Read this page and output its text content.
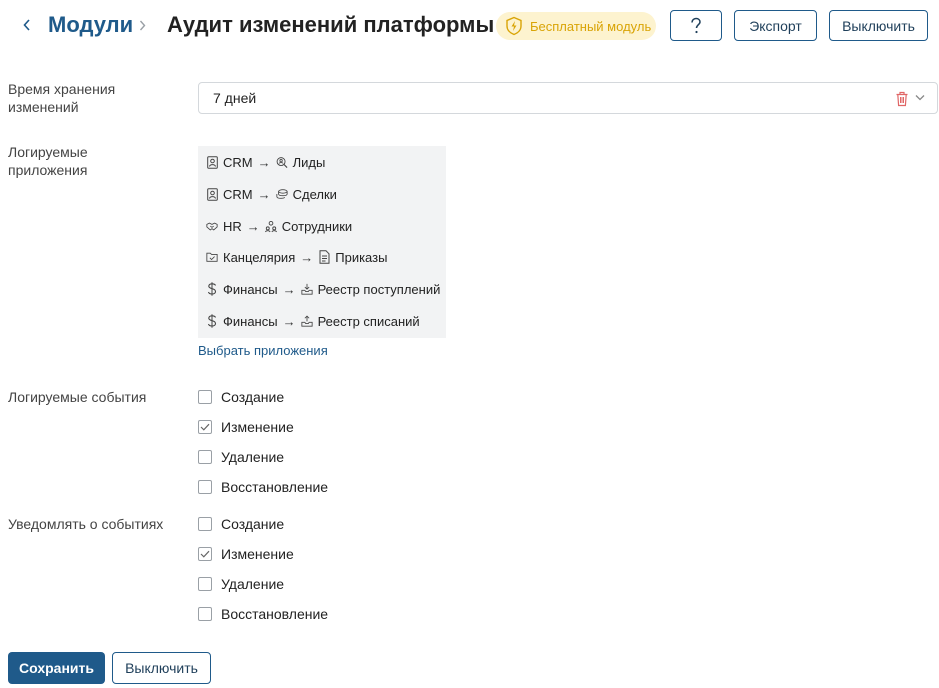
Модули Аудит изменений платформы	Бесплатный модуль	Экспорт	Выключить
Время хранения изменений
7 дней
Логируемые приложения	CRM → Лиды
CRM → Сделки
HR → Сотрудники
Канцелярия → Приказы
Финансы → Реестр поступлений
Финансы → Реестр списаний
Выбрать приложения
Логируемые события	Создание
Изменение
Удаление
Восстановление
Уведомлять о событиях	Создание
Изменение
Удаление
Восстановление
Сохранить	Выключить
